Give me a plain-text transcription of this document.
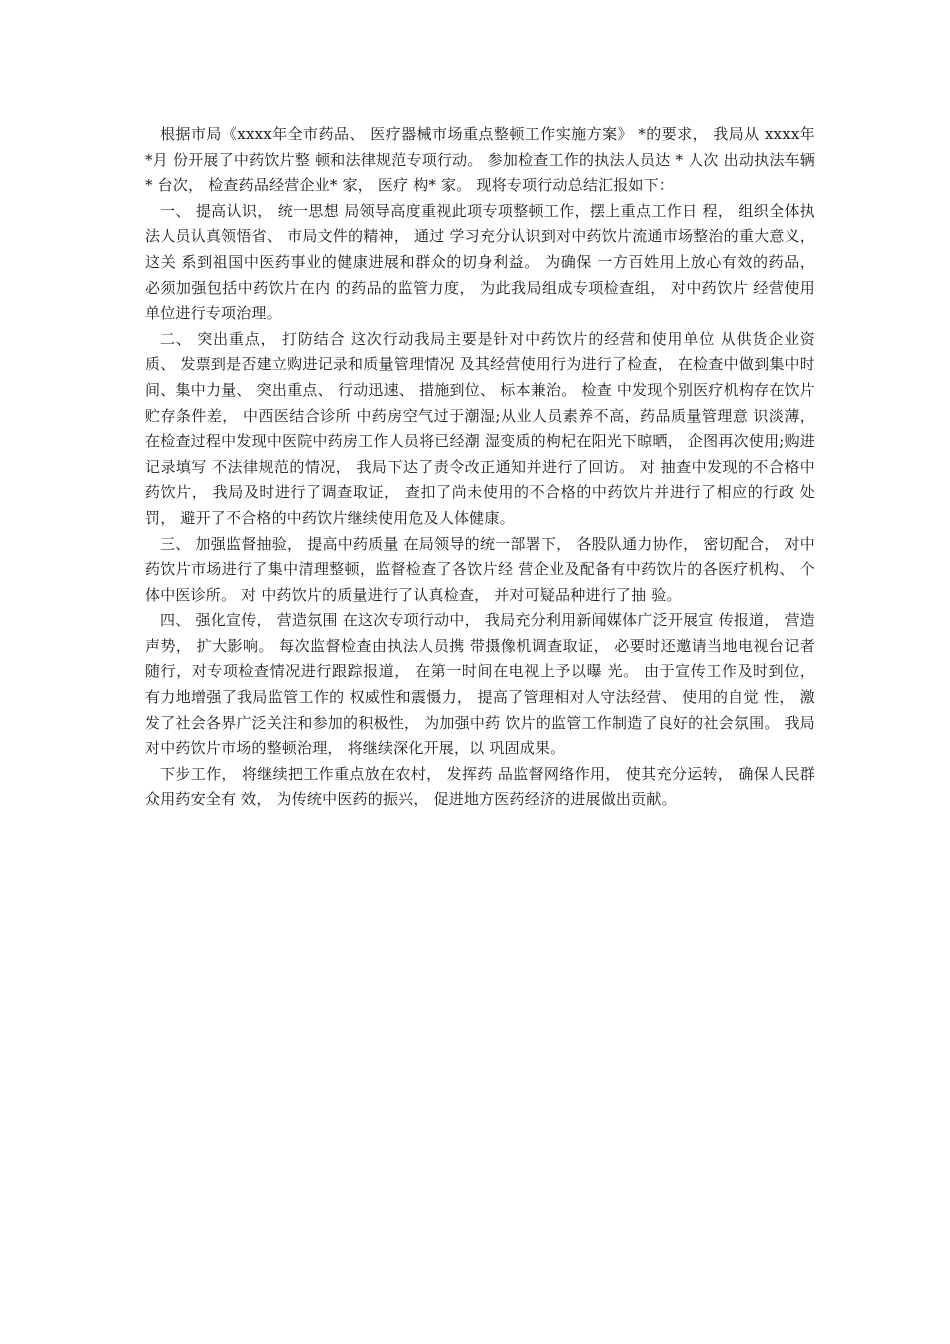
根据市局《xxxx年全市药品、 医疗器械市场重点整顿工作实施方案》 *的要求， 我局从 xxxx年 *月 份开展了中药饮片整 顿和法律规范专项行动。 参加检查工作的执法人员达 * 人次 出动执法车辆 * 台次， 检查药品经营企业* 家， 医疗 构* 家。 现将专项行动总结汇报如下：

一、 提高认识， 统一思想 局领导高度重视此项专项整顿工作，摆上重点工作日 程， 组织全体执法人员认真领悟省、 市局文件的精神， 通过 学习充分认识到对中药饮片流通市场整治的重大意义， 这关 系到祖国中医药事业的健康进展和群众的切身利益。 为确保 一方百姓用上放心有效的药品， 必须加强包括中药饮片在内 的药品的监管力度， 为此我局组成专项检查组， 对中药饮片 经营使用单位进行专项治理。

二、 突出重点， 打防结合 这次行动我局主要是针对中药饮片的经营和使用单位 从供货企业资质、 发票到是否建立购进记录和质量管理情况 及其经营使用行为进行了检查， 在检查中做到集中时间、集中力量、 突出重点、 行动迅速、 措施到位、 标本兼治。 检查 中发现个别医疗机构存在饮片贮存条件差， 中西医结合诊所 中药房空气过于潮湿;从业人员素养不高，药品质量管理意 识淡薄， 在检查过程中发现中医院中药房工作人员将已经潮 湿变质的枸杞在阳光下晾晒， 企图再次使用;购进记录填写 不法律规范的情况， 我局下达了责令改正通知并进行了回访。 对 抽查中发现的不合格中药饮片， 我局及时进行了调查取证， 查扣了尚未使用的不合格的中药饮片并进行了相应的行政 处罚， 避开了不合格的中药饮片继续使用危及人体健康。

三、 加强监督抽验， 提高中药质量 在局领导的统一部署下， 各股队通力协作， 密切配合， 对中药饮片市场进行了集中清理整顿，监督检查了各饮片经 营企业及配备有中药饮片的各医疗机构、 个体中医诊所。 对 中药饮片的质量进行了认真检查， 并对可疑品种进行了抽 验。

四、 强化宣传， 营造氛围 在这次专项行动中， 我局充分利用新闻媒体广泛开展宣 传报道， 营造声势， 扩大影响。 每次监督检查由执法人员携 带摄像机调查取证， 必要时还邀请当地电视台记者随行，对专项检查情况进行跟踪报道， 在第一时间在电视上予以曝 光。 由于宣传工作及时到位， 有力地增强了我局监管工作的 权威性和震慑力， 提高了管理相对人守法经营、 使用的自觉 性， 激发了社会各界广泛关注和参加的积极性， 为加强中药 饮片的监管工作制造了良好的社会氛围。 我局对中药饮片市场的整顿治理， 将继续深化开展，以 巩固成果。

下步工作， 将继续把工作重点放在农村， 发挥药 品监督网络作用， 使其充分运转， 确保人民群众用药安全有 效， 为传统中医药的振兴， 促进地方医药经济的进展做出贡献。
